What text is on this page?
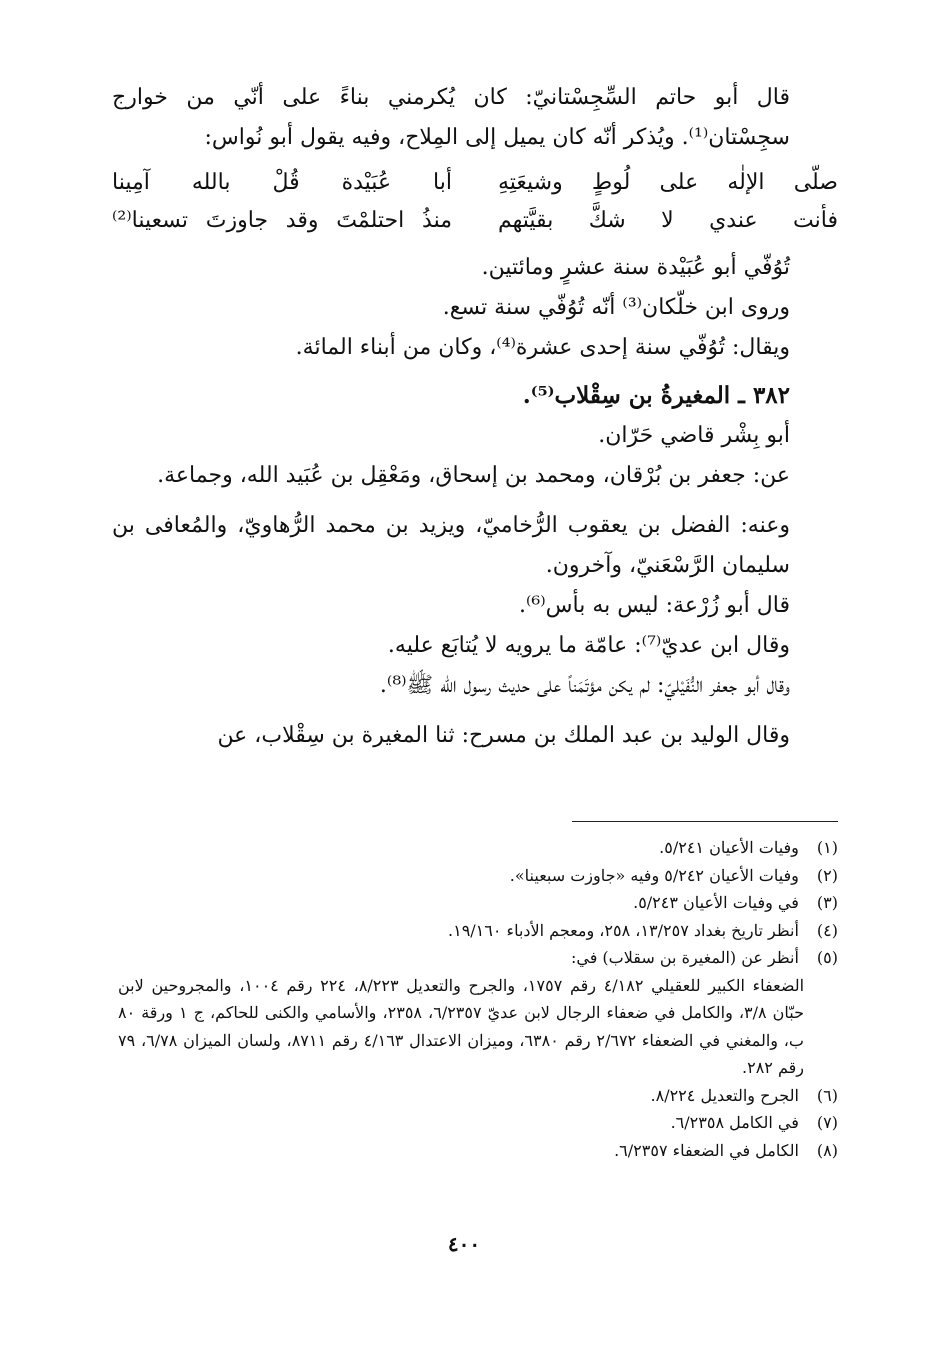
قال أبو حاتم السِّجِسْتانيّ: كان يُكرمني بناءً على أنّي من خوارج سجِسْتان⁽¹⁾. ويُذكر أنّه كان يميل إلى المِلاح، وفيه يقول أبو نُواس:

صلّى الإلٰه على لُوطٍ وشيعَتِهِ
أبا عُبَيْدة قُلْ بالله آمِينا
فأنت عندي لا شكَّ بقيَّتهم
منذُ احتلمْتَ وقد جاوزتَ تسعينا⁽²⁾

تُوُفّي أبو عُبَيْدة سنة عشرٍ ومائتين.

وروى ابن خلّكان⁽³⁾ أنّه تُوُفّي سنة تسع.

ويقال: تُوُفّي سنة إحدى عشرة⁽⁴⁾، وكان من أبناء المائة.

٣٨٢ ـ المغيرةُ بن سِقْلاب⁽⁵⁾.

أبو بِشْر قاضي حَرّان.

عن: جعفر بن بُرْقان، ومحمد بن إسحاق، ومَعْقِل بن عُبَيد الله، وجماعة.

وعنه: الفضل بن يعقوب الرُّخاميّ، ويزيد بن محمد الرُّهاويّ، والمُعافى بن سليمان الرَّسْعَنيّ، وآخرون.

قال أبو زُرْعة: ليس به بأس⁽⁶⁾.

وقال ابن عديّ⁽⁷⁾: عامّة ما يرويه لا يُتابَع عليه.

وقال أبو جعفر النُّفَيْليّ: لم يكن مؤتَمَناً على حديث رسول الله ﷺ⁽⁸⁾.

وقال الوليد بن عبد الملك بن مسرح: ثنا المغيرة بن سِقْلاب، عن

(١) وفيات الأعيان ٥/٢٤١.

(٢) وفيات الأعيان ٥/٢٤٢ وفيه «جاوزت سبعينا».

(٣) في وفيات الأعيان ٥/٢٤٣.

(٤) أنظر تاريخ بغداد ١٣/٢٥٧، ٢٥٨، ومعجم الأدباء ١٩/١٦٠.

(٥) أنظر عن (المغيرة بن سقلاب) في:

الضعفاء الكبير للعقيلي ٤/١٨٢ رقم ١٧٥٧، والجرح والتعديل ٨/٢٢٣، ٢٢٤ رقم ١٠٠٤، والمجروحين لابن حبّان ٣/٨، والكامل في ضعفاء الرجال لابن عديّ ٦/٢٣٥٧، ٢٣٥٨، والأسامي والكنى للحاكم، ج ١ ورقة ٨٠ ب، والمغني في الضعفاء ٢/٦٧٢ رقم ٦٣٨٠، وميزان الاعتدال ٤/١٦٣ رقم ٨٧١١، ولسان الميزان ٦/٧٨، ٧٩ رقم ٢٨٢.

(٦) الجرح والتعديل ٨/٢٢٤.

(٧) في الكامل ٦/٢٣٥٨.

(٨) الكامل في الضعفاء ٦/٢٣٥٧.

٤٠٠
